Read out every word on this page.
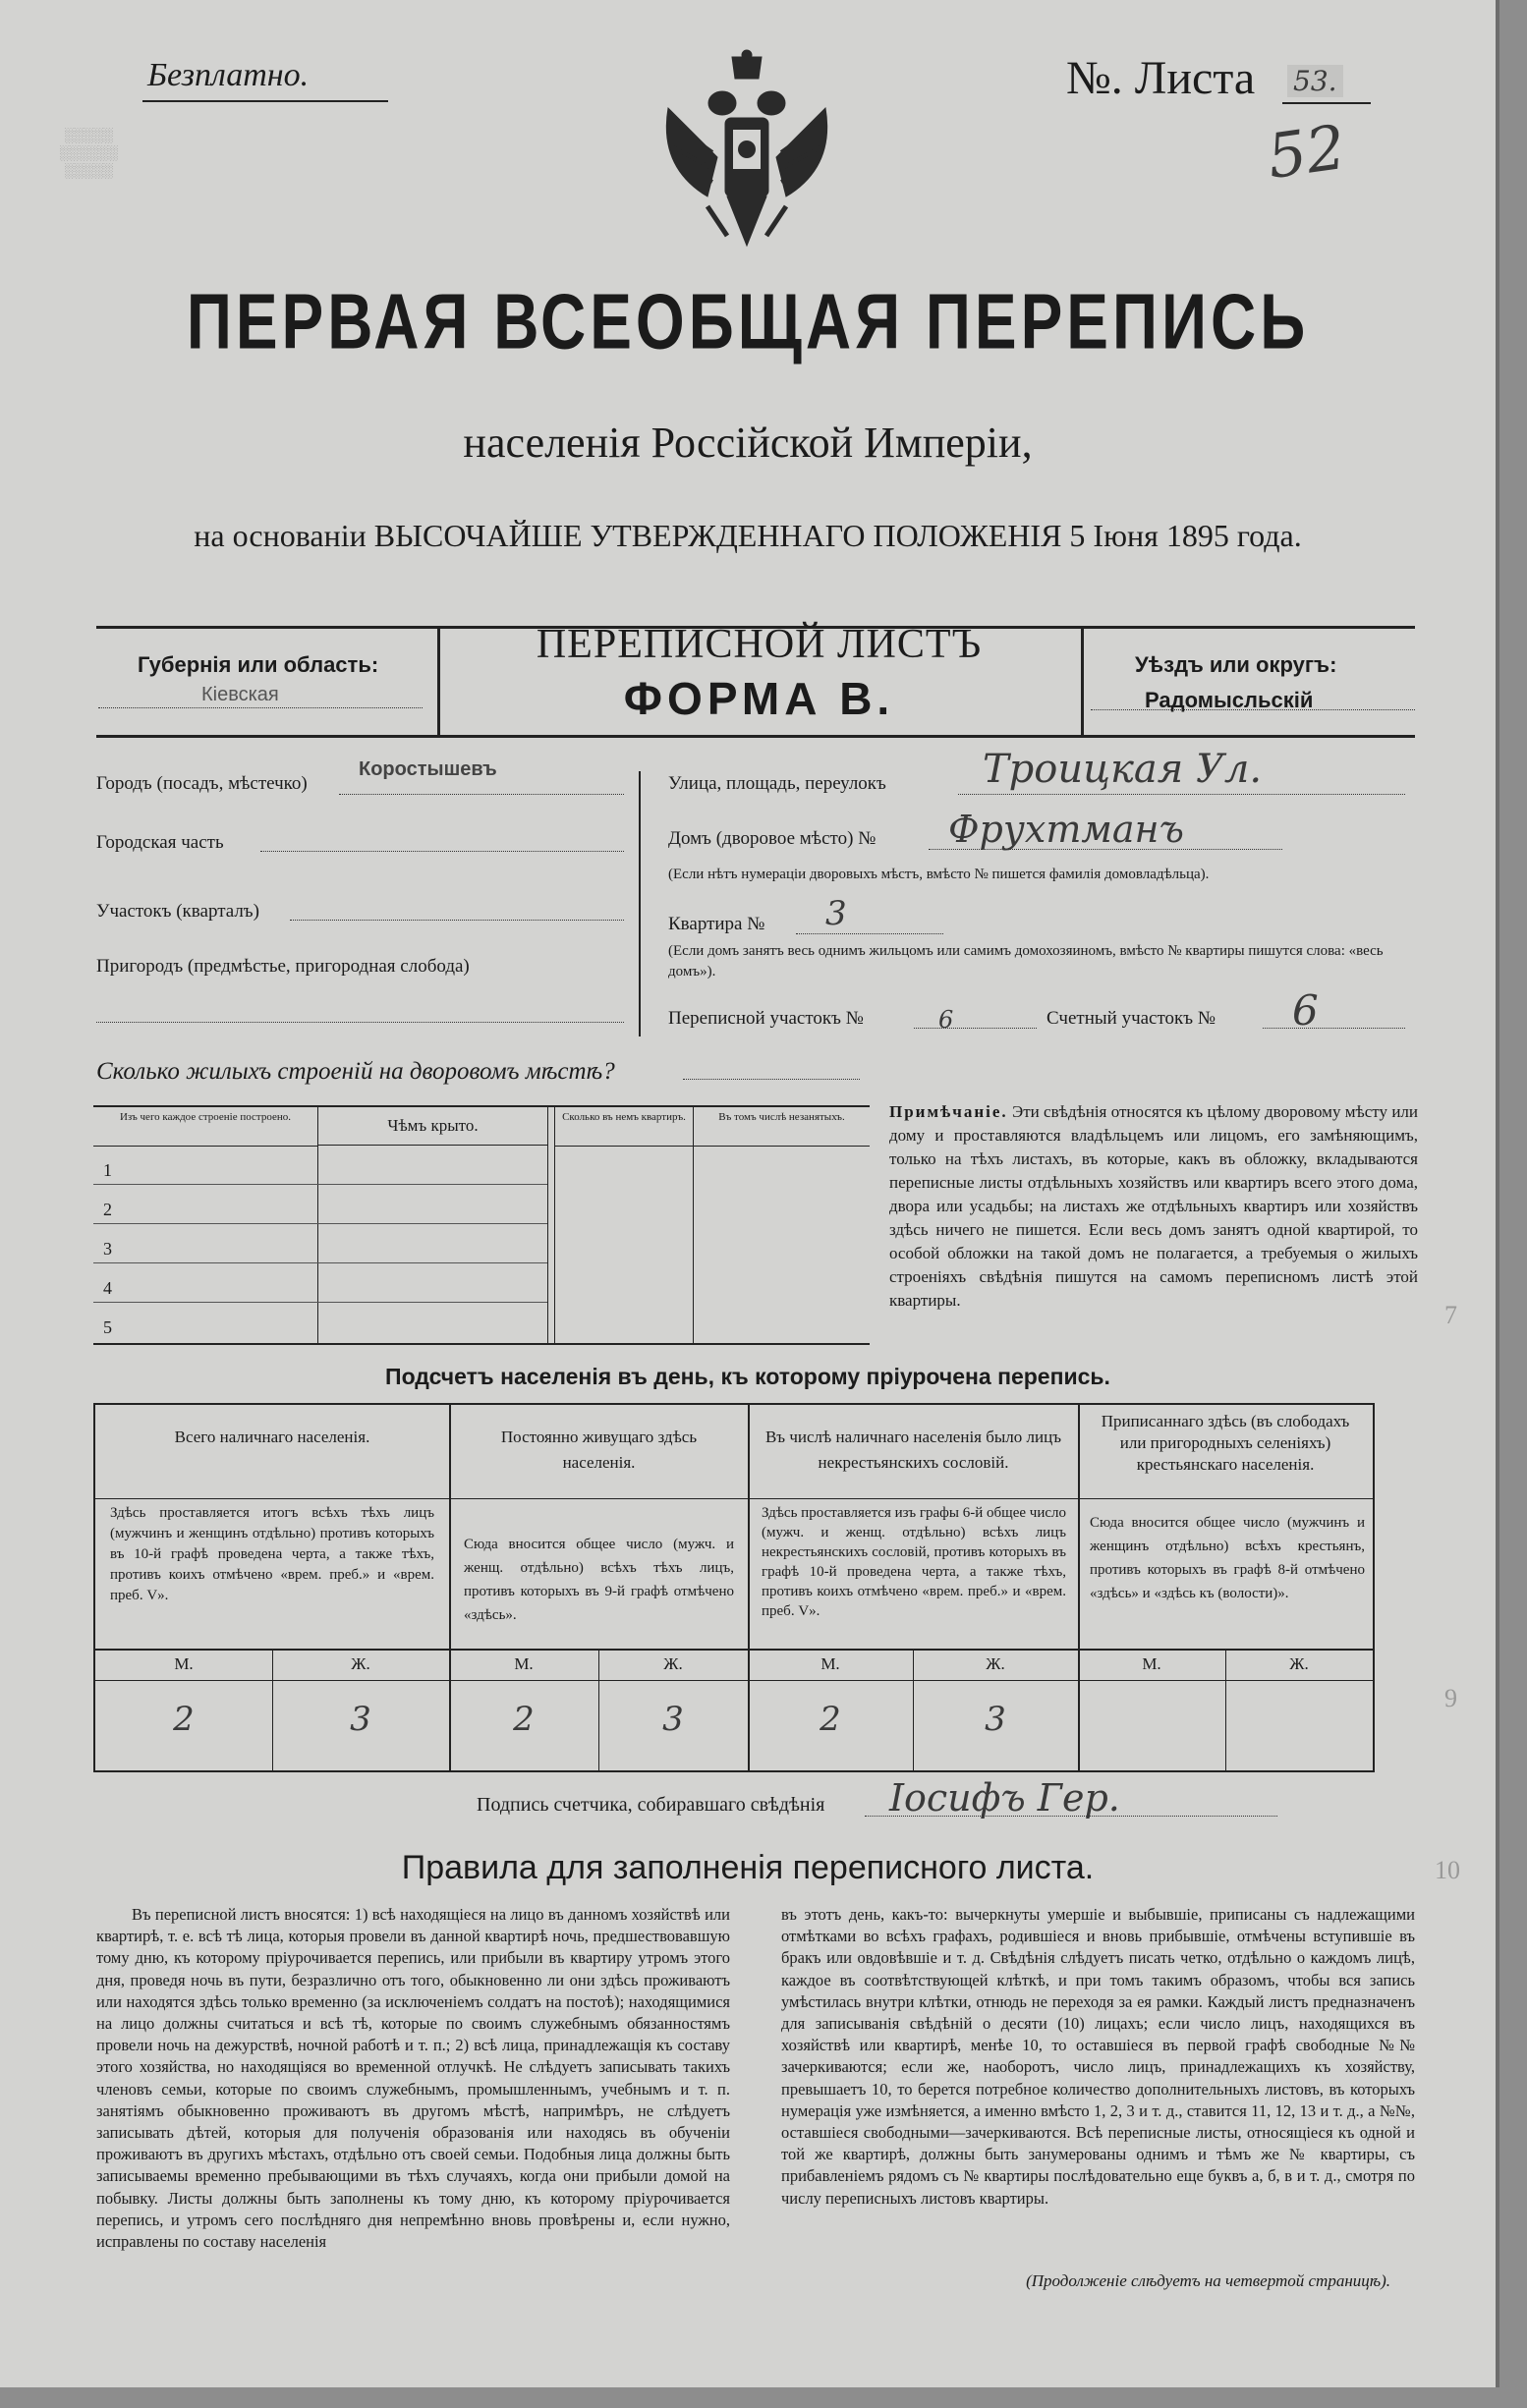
░░░░░
░░░░░░
░░░░░
Безплатно.	№. Листа 53.
52
ПЕРВАЯ ВСЕОБЩАЯ ПЕРЕПИСЬ
населенія Россійской Имперіи,
на основаніи ВЫСОЧАЙШЕ УТВЕРЖДЕННАГО ПОЛОЖЕНІЯ 5 Іюня 1895 года.
Губернія или область:
Кіевская
ПЕРЕПИСНОЙ ЛИСТЪ
ФОРМА В.
Уѣздъ или округъ:
Радомысльскій
Городъ (посадъ, мѣстечко)
Коростышевъ
Городская часть
Участокъ (кварталъ)
Пригородъ (предмѣстье, пригородная слобода)
Улица, площадь, переулокъ Троицкая Ул.
Домъ (дворовое мѣсто) № Фрухтманъ
(Если нѣтъ нумераціи дворовыхъ мѣстъ, вмѣсто № пишется фамилія домовладѣльца).
Квартира № 3
(Если домъ занятъ весь однимъ жильцомъ или самимъ домохозяиномъ, вмѣсто № квартиры пишутся слова: «весь домъ»).
Переписной участокъ №	6	Счетный участокъ № 6
Сколько жилыхъ строеній на дворовомъ мѣстѣ?
Изъ чего каждое строеніе построено.	Чѣмъ крыто.	Сколько въ немъ квартиръ.	Въ томъ числѣ незанятыхъ.
1
2
3
4
5
Примѣчаніе. Эти свѣдѣнія относятся къ цѣлому дворовому мѣсту или дому и проставляются владѣльцемъ или лицомъ, его замѣняющимъ, только на тѣхъ листахъ, въ которые, какъ въ обложку, вкладываются переписные листы отдѣльныхъ хозяйствъ или квартиръ всего этого дома, двора или усадьбы; на листахъ же отдѣльныхъ квартиръ или хозяйствъ здѣсь ничего не пишется. Если весь домъ занятъ одной квартирой, то особой обложки на такой домъ не полагается, а требуемыя о жилыхъ строеніяхъ свѣдѣнія пишутся на самомъ переписномъ листѣ этой квартиры.
Подсчетъ населенія въ день, къ которому пріурочена перепись.
Всего наличнаго населенія.
Здѣсь проставляется итогъ всѣхъ тѣхъ лицъ (мужчинъ и женщинъ отдѣльно) противъ которыхъ въ 10-й графѣ проведена черта, а также тѣхъ, противъ коихъ отмѣчено «врем. преб.» и «врем. преб. V».
Постоянно живущаго здѣсь населенія.
Сюда вносится общее число (мужч. и женщ. отдѣльно) всѣхъ тѣхъ лицъ, противъ которыхъ въ 9-й графѣ отмѣчено «здѣсь».
Въ числѣ наличнаго населенія было лицъ некрестьянскихъ сословій.
Здѣсь проставляется изъ графы 6-й общее число (мужч. и женщ. отдѣльно) всѣхъ лицъ некрестьянскихъ сословій, противъ которыхъ въ графѣ 10-й проведена черта, а также тѣхъ, противъ коихъ отмѣчено «врем. преб.» и «врем. преб. V».
Приписаннаго здѣсь (въ слободахъ или пригородныхъ селеніяхъ) крестьянскаго населенія.
Сюда вносится общее число (мужчинъ и женщинъ отдѣльно) всѣхъ крестьянъ, противъ которыхъ въ графѣ 8-й отмѣчено «здѣсь» и «здѣсь къ (волости)».
М.	Ж.	М.	Ж.	М.	Ж.	М.	Ж.
2	3	2	3	2	3
Подпись счетчика, собиравшаго свѣдѣнія Іосифъ Гер.
Правила для заполненія переписного листа.
Въ переписной листъ вносятся: 1) всѣ находящіеся на лицо въ данномъ хозяйствѣ или квартирѣ, т. е. всѣ тѣ лица, которыя провели въ данной квартирѣ ночь, предшествовавшую тому дню, къ которому пріурочивается перепись, или прибыли въ квартиру утромъ этого дня, проведя ночь въ пути, безразлично отъ того, обыкновенно ли они здѣсь проживаютъ или находятся здѣсь только временно (за исключеніемъ солдатъ на постоѣ); находящимися на лицо должны считаться и всѣ тѣ, которые по своимъ служебнымъ обязанностямъ провели ночь на дежурствѣ, ночной работѣ и т. п.; 2) всѣ лица, принадлежащія къ составу этого хозяйства, но находящіяся во временной отлучкѣ. Не слѣдуетъ записывать такихъ членовъ семьи, которые по своимъ служебнымъ, промышленнымъ, учебнымъ и т. п. занятіямъ обыкновенно проживаютъ въ другомъ мѣстѣ, напримѣръ, не слѣдуетъ записывать дѣтей, которыя для полученія образованія или находясь въ обученіи проживаютъ въ другихъ мѣстахъ, отдѣльно отъ своей семьи. Подобныя лица должны быть записываемы временно пребывающими въ тѣхъ случаяхъ, когда они прибыли домой на побывку. Листы должны быть заполнены къ тому дню, къ которому пріурочивается перепись, и утромъ сего послѣдняго дня непремѣнно вновь провѣрены и, если нужно, исправлены по составу населенія
въ этотъ день, какъ-то: вычеркнуты умершіе и выбывшіе, приписаны съ надлежащими отмѣтками во всѣхъ графахъ, родившіеся и вновь прибывшіе, отмѣчены вступившіе въ бракъ или овдовѣвшіе и т. д. Свѣдѣнія слѣдуетъ писать четко, отдѣльно о каждомъ лицѣ, каждое въ соотвѣтствующей клѣткѣ, и при томъ такимъ образомъ, чтобы вся запись умѣстилась внутри клѣтки, отнюдь не переходя за ея рамки. Каждый листъ предназначенъ для записыванія свѣдѣній о десяти (10) лицахъ; если число лицъ, находящихся въ хозяйствѣ или квартирѣ, менѣе 10, то оставшіеся въ первой графѣ свободные №№ зачеркиваются; если же, наоборотъ, число лицъ, принадлежащихъ къ хозяйству, превышаетъ 10, то берется потребное количество дополнительныхъ листовъ, въ которыхъ нумерація уже измѣняется, а именно вмѣсто 1, 2, 3 и т. д., ставится 11, 12, 13 и т. д., а №№, оставшіеся свободными—зачеркиваются. Всѣ переписные листы, относящіеся къ одной и той же квартирѣ, должны быть занумерованы однимъ и тѣмъ же № квартиры, съ прибавленіемъ рядомъ съ № квартиры послѣдовательно еще буквъ а, б, в и т. д., смотря по числу переписныхъ листовъ квартиры.
(Продолженіе слѣдуетъ на четвертой страницѣ).
7
9
10
